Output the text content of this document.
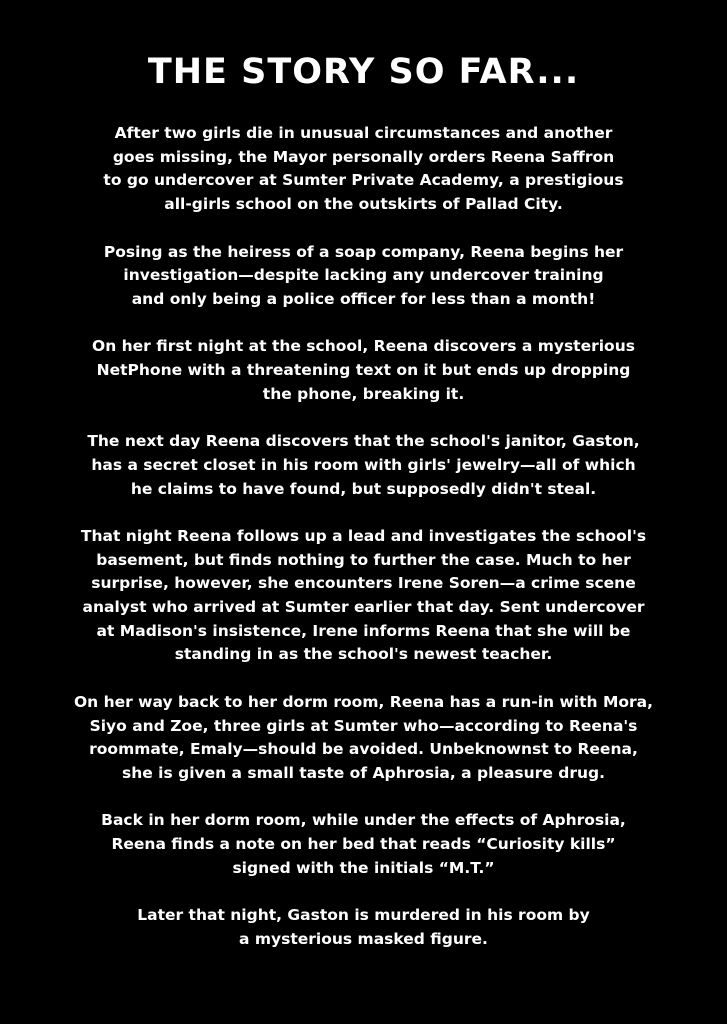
THE STORY SO FAR...

After two girls die in unusual circumstances and another
goes missing, the Mayor personally orders Reena Saffron
to go undercover at Sumter Private Academy, a prestigious
all-girls school on the outskirts of Pallad City.

Posing as the heiress of a soap company, Reena begins her
investigation—despite lacking any undercover training
and only being a police officer for less than a month!

On her first night at the school, Reena discovers a mysterious
NetPhone with a threatening text on it but ends up dropping
the phone, breaking it.

The next day Reena discovers that the school's janitor, Gaston,
has a secret closet in his room with girls' jewelry—all of which
he claims to have found, but supposedly didn't steal.

That night Reena follows up a lead and investigates the school's
basement, but finds nothing to further the case. Much to her
surprise, however, she encounters Irene Soren—a crime scene
analyst who arrived at Sumter earlier that day. Sent undercover
at Madison's insistence, Irene informs Reena that she will be
standing in as the school's newest teacher.

On her way back to her dorm room, Reena has a run-in with Mora,
Siyo and Zoe, three girls at Sumter who—according to Reena's
roommate, Emaly—should be avoided. Unbeknownst to Reena,
she is given a small taste of Aphrosia, a pleasure drug.

Back in her dorm room, while under the effects of Aphrosia,
Reena finds a note on her bed that reads “Curiosity kills”
signed with the initials “M.T.”

Later that night, Gaston is murdered in his room by
a mysterious masked figure.
